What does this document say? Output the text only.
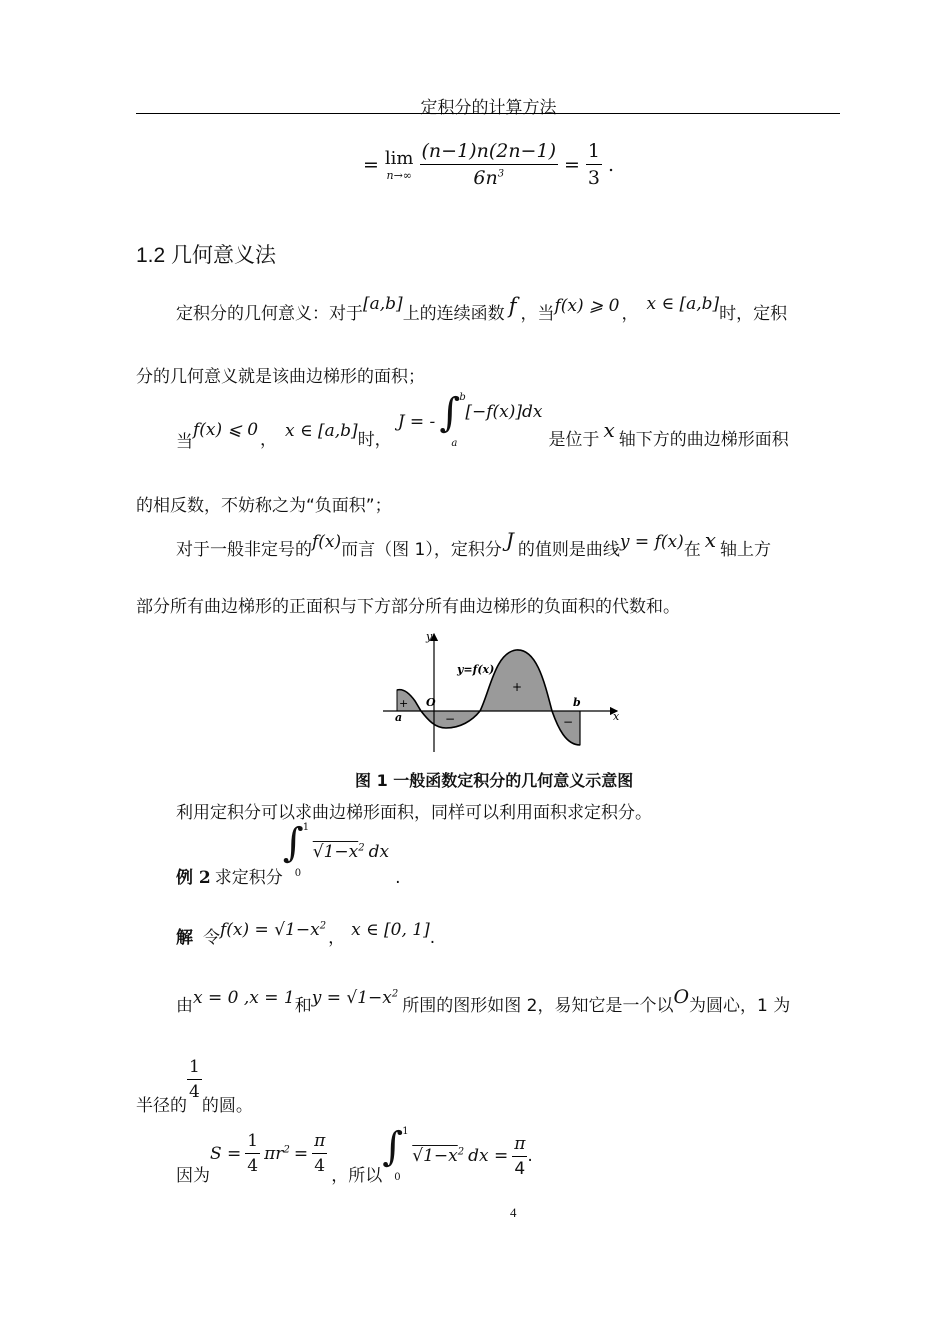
定积分的计算方法
= lim
$n\to\infty \frac{(n-1)n(2n-1)}{6n^3} = \frac{1}{3}$ .
1.2 几何意义法
定积分的几何意义：对于 [a,b] 上的连续函数 f ，当 f(x) ⩾ 0 ， x ∈ [a,b] 时，定积
分的几何意义就是该曲边梯形的面积；
当
f(x) ⩽ 0 ， x ∈ [a,b] 时，
J = - ∫ b
a
[−f(x)]dx
是位于 x 轴下方的曲边梯形面积
的相反数，不妨称之为“负面积”；
对于一般非定号的 f(x) 而言（图 1），定积分 J 的值则是曲线 y = f(x) 在 x 轴上方
部分所有曲边梯形的正面积与下方部分所有曲边梯形的负面积的代数和。
y
x
O
a
b
y=f(x)
+
+
−	−
图 1 一般函数定积分的几何意义示意图
利用定积分可以求曲边梯形面积，同样可以利用面积求定积分。
例 2 求定积分
∫ 1
0
$√1-x^2$ dx
.
解 令 $f(x) = √1-x^2$
， x ∈ [0, 1] .
由 x = 0 ,x = 1 和 $y = √1-x^2$
所围的图形如图 2，易知它是一个以 O 为圆心，1 为
半径的
$\frac{1}{4}$
的圆。
因为
$S = \frac{1}{4} \pi r^2 = \frac{\pi}{4}$ ，所以
∫ 1
0
$√1-x^2$ dx = $\frac{\pi}{4}$ .
4
